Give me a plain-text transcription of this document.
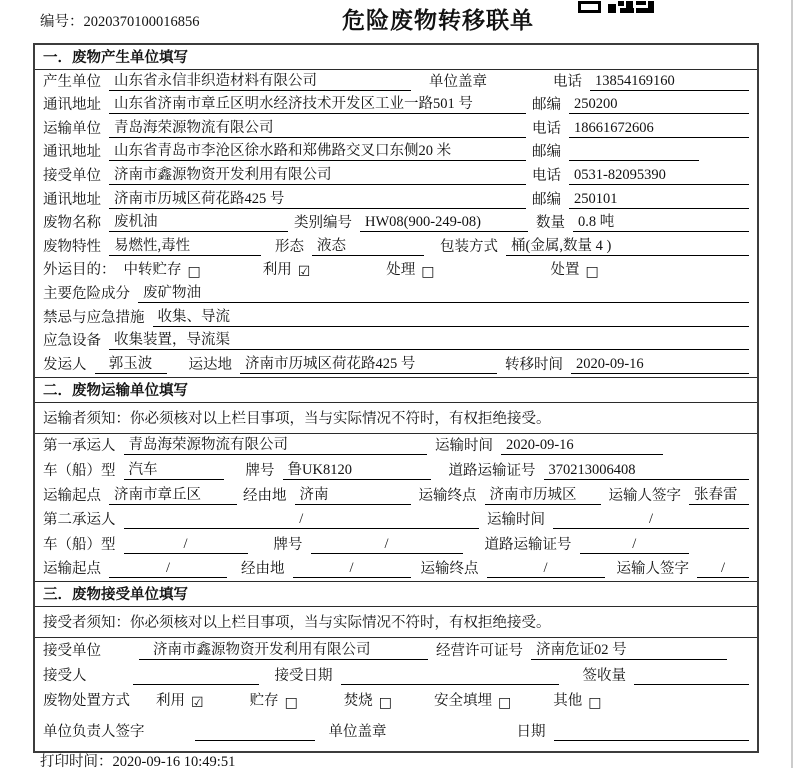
编号：2020370100016856	危险废物转移联单
一．废物产生单位填写
产生单位 山东省永信非织造材料有限公司	单位盖章	电话 13854169160
通讯地址 山东省济南市章丘区明水经济技术开发区工业一路501 号	邮编 250200
运输单位 青岛海荣源物流有限公司	电话 18661672606
通讯地址 山东省青岛市李沧区徐水路和郑佛路交叉口东侧20 米	邮编
接受单位 济南市鑫源物资开发利用有限公司	电话 0531-82095390
通讯地址 济南市历城区荷花路425 号	邮编 250101
废物名称 废机油	类别编号 HW08(900-249-08)	数量 0.8 吨
废物特性 易燃性,毒性	形态 液态	包装方式 桶(金属,数量 4 )
外运目的： 中转贮存 □	利用 ☑	处理 □	处置 □
主要危险成分 废矿物油
禁忌与应急措施 收集、导流
应急设备 收集装置，导流渠
发运人	郭玉波	运达地 济南市历城区荷花路425 号	转移时间 2020-09-16
二．废物运输单位填写
运输者须知：你必须核对以上栏目事项，当与实际情况不符时，有权拒绝接受。
第一承运人 青岛海荣源物流有限公司	运输时间 2020-09-16
车（船）型 汽车	牌号 鲁UK8120	道路运输证号 370213006408
运输起点 济南市章丘区	经由地 济南	运输终点 济南市历城区	运输人签字 张春雷
第二承运人	/	运输时间	/
车（船）型	/	牌号	/	道路运输证号	/
运输起点	/	经由地	/	运输终点	/	运输人签字	/
三．废物接受单位填写
接受者须知：你必须核对以上栏目事项，当与实际情况不符时，有权拒绝接受。
接受单位	济南市鑫源物资开发利用有限公司	经营许可证号 济南危证02 号
接受人	接受日期	签收量
废物处置方式 利用 ☑	贮存 □	焚烧 □	安全填埋 □	其他 □
单位负责人签字	单位盖章	日期
打印时间：2020-09-16 10:49:51
